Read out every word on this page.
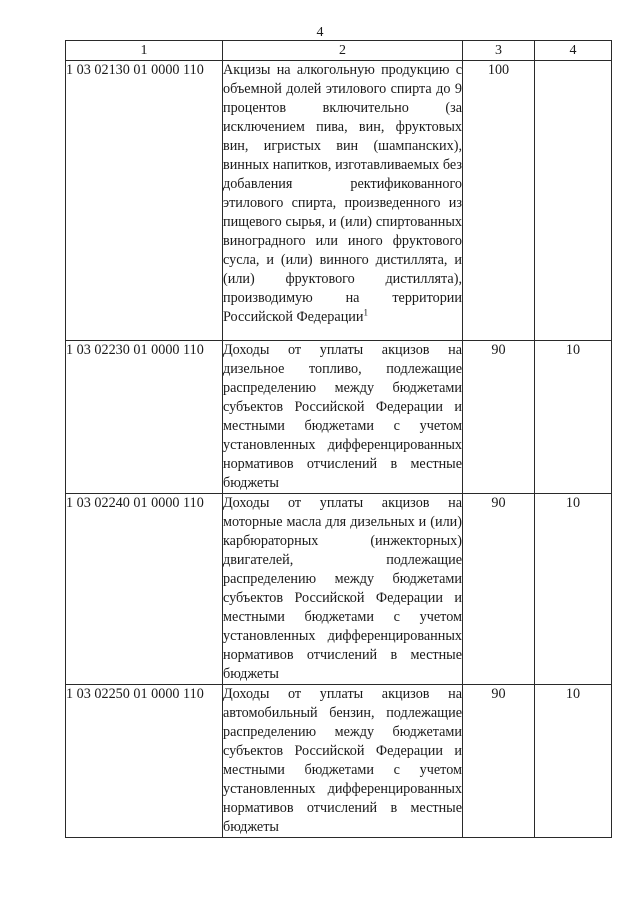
4
1	2	3	4
1 03 02130 01 0000 110	Акцизы на алкогольную продукцию с объемной долей этилового спирта до 9 процентов включительно (за исключением пива, вин, фруктовых вин, игристых вин (шампанских), винных напитков, изготавливаемых без добавления ректификованного этилового спирта, произведенного из пищевого сырья, и (или) спиртованных виноградного или иного фруктового сусла, и (или) винного дистиллята, и (или) фруктового дистиллята), производимую на территории Российской Федерации$^1$	100	
1 03 02230 01 0000 110	Доходы от уплаты акцизов на дизельное топливо, подлежащие распределению между бюджетами субъектов Российской Федерации и местными бюджетами с учетом установленных дифференцированных нормативов отчислений в местные бюджеты	90	10
1 03 02240 01 0000 110	Доходы от уплаты акцизов на моторные масла для дизельных и (или) карбюраторных (инжекторных) двигателей, подлежащие распределению между бюджетами субъектов Российской Федерации и местными бюджетами с учетом установленных дифференцированных нормативов отчислений в местные бюджеты	90	10
1 03 02250 01 0000 110	Доходы от уплаты акцизов на автомобильный бензин, подлежащие распределению между бюджетами субъектов Российской Федерации и местными бюджетами с учетом установленных дифференцированных нормативов отчислений в местные бюджеты	90	10
